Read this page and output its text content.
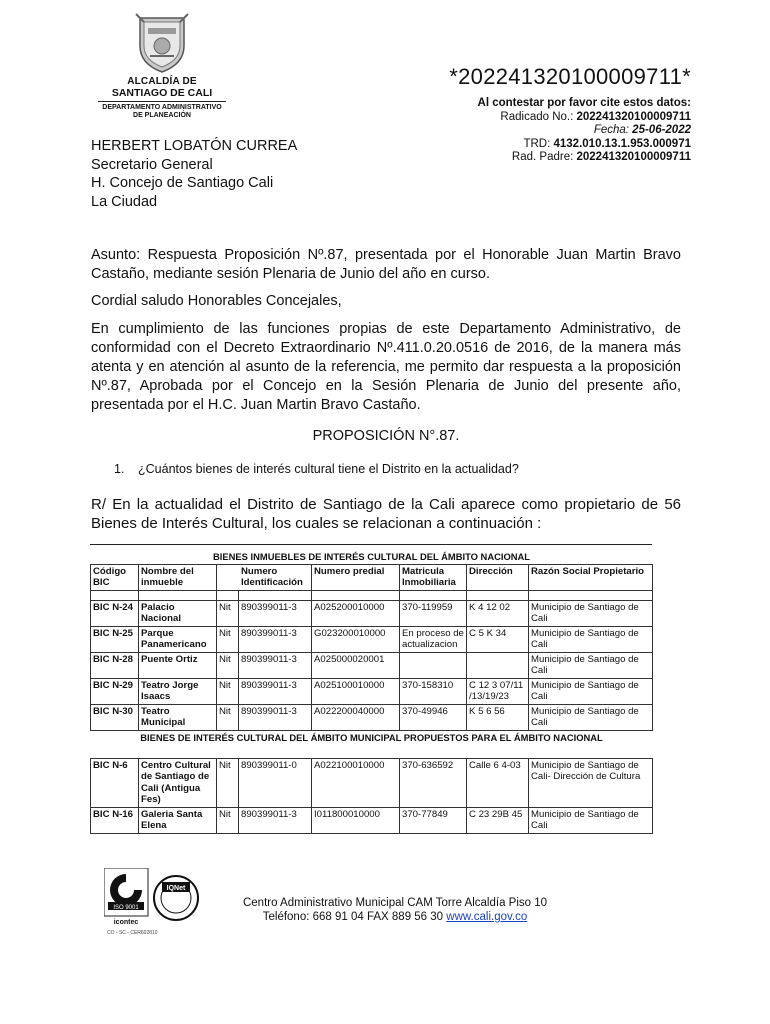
ALCALDÍA DE
SANTIAGO DE CALI
DEPARTAMENTO ADMINISTRATIVO
DE PLANEACIÓN
*202241320100009711*
Al contestar por favor cite estos datos:
Radicado No.: 202241320100009711
Fecha: 25-06-2022
TRD: 4132.010.13.1.953.000971
Rad. Padre: 202241320100009711
HERBERT LOBATÓN CURREA
Secretario General
H. Concejo de Santiago Cali
La Ciudad
Asunto: Respuesta Proposición Nº.87, presentada por el Honorable Juan Martin Bravo Castaño, mediante sesión Plenaria de Junio del año en curso.
Cordial saludo Honorables Concejales,
En cumplimiento de las funciones propias de este Departamento Administrativo, de conformidad con el Decreto Extraordinario Nº.411.0.20.0516 de 2016, de la manera más atenta y en atención al asunto de la referencia, me permito dar respuesta a la proposición Nº.87, Aprobada por el Concejo en la Sesión Plenaria de Junio del presente año, presentada por el H.C. Juan Martin Bravo Castaño.
PROPOSICIÓN N°.87.
1. ¿Cuántos bienes de interés cultural tiene el Distrito en la actualidad?
R/ En la actualidad el Distrito de Santiago de la Cali aparece como propietario de 56 Bienes de Interés Cultural, los cuales se relacionan a continuación :
BIENES INMUEBLES DE INTERÉS CULTURAL DEL ÁMBITO NACIONAL							
Código BIC	Nombre del inmueble	Numero Identificación		Numero predial	Matricula Inmobiliaria	Dirección	Razón Social Propietario

BIC N-24	Palacio Nacional	Nit	890399011-3	A025200010000	370-119959	K 4 12 02	Municipio de Santiago de Cali
BIC N-25	Parque Panamericano	Nit	890399011-3	G023200010000	En proceso de actualizacion	C 5 K 34	Municipio de Santiago de Cali
BIC N-28	Puente Ortiz	Nit	890399011-3	A025000020001			Municipio de Santiago de Cali
BIC N-29	Teatro Jorge Isaacs	Nit	890399011-3	A025100010000	370-158310	C 12 3 07/11 /13/19/23	Municipio de Santiago de Cali
BIC N-30	Teatro Municipal	Nit	890399011-3	A022200040000	370-49946	K 5 6 56	Municipio de Santiago de Cali
BIENES DE INTERÉS CULTURAL DEL ÁMBITO MUNICIPAL PROPUESTOS PARA EL ÁMBITO NACIONAL							

BIC N-6	Centro Cultural de Santiago de Cali (Antigua Fes)	Nit	890399011-0	A022100010000	370-636592	Calle 6 4-03	Municipio de Santiago de Cali- Dirección de Cultura
BIC N-16	Galeria Santa Elena	Nit	890399011-3	I011800010000	370-77849	C 23 29B 45	Municipio de Santiago de Cali
ISO 9001
icontec
IQNet
CO - SC - CER602810
Centro Administrativo Municipal CAM Torre Alcaldía Piso 10
Teléfono: 668 91 04 FAX 889 56 30 www.cali.gov.co
